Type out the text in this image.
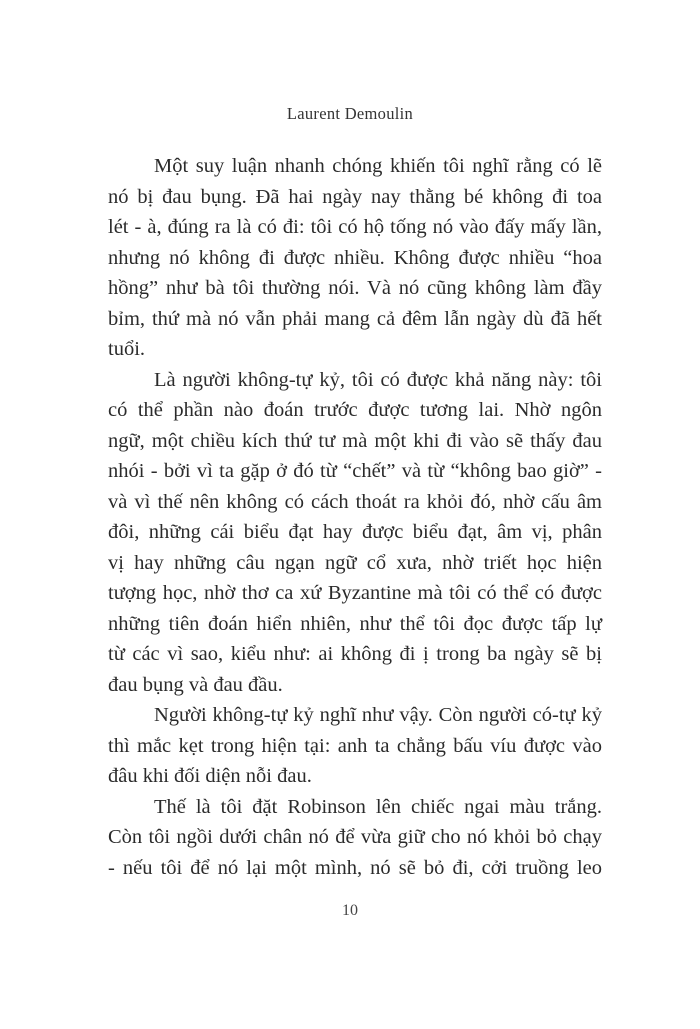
Laurent Demoulin
Một suy luận nhanh chóng khiến tôi nghĩ rằng có lẽ
nó bị đau bụng. Đã hai ngày nay thằng bé không đi toa
lét - à, đúng ra là có đi: tôi có hộ tống nó vào đấy mấy lần,
nhưng nó không đi được nhiều. Không được nhiều “hoa
hồng” như bà tôi thường nói. Và nó cũng không làm đầy
bỉm, thứ mà nó vẫn phải mang cả đêm lẫn ngày dù đã hết
tuổi.
Là người không-tự kỷ, tôi có được khả năng này: tôi
có thể phần nào đoán trước được tương lai. Nhờ ngôn
ngữ, một chiều kích thứ tư mà một khi đi vào sẽ thấy đau
nhói - bởi vì ta gặp ở đó từ “chết” và từ “không bao giờ” -
và vì thế nên không có cách thoát ra khỏi đó, nhờ cấu âm
đôi, những cái biểu đạt hay được biểu đạt, âm vị, phân
vị hay những câu ngạn ngữ cổ xưa, nhờ triết học hiện
tượng học, nhờ thơ ca xứ Byzantine mà tôi có thể có được
những tiên đoán hiển nhiên, như thể tôi đọc được tấp lự
từ các vì sao, kiểu như: ai không đi ị trong ba ngày sẽ bị
đau bụng và đau đầu.
Người không-tự kỷ nghĩ như vậy. Còn người có-tự kỷ
thì mắc kẹt trong hiện tại: anh ta chẳng bấu víu được vào
đâu khi đối diện nỗi đau.
Thế là tôi đặt Robinson lên chiếc ngai màu trắng.
Còn tôi ngồi dưới chân nó để vừa giữ cho nó khỏi bỏ chạy
- nếu tôi để nó lại một mình, nó sẽ bỏ đi, cởi truồng leo
10
